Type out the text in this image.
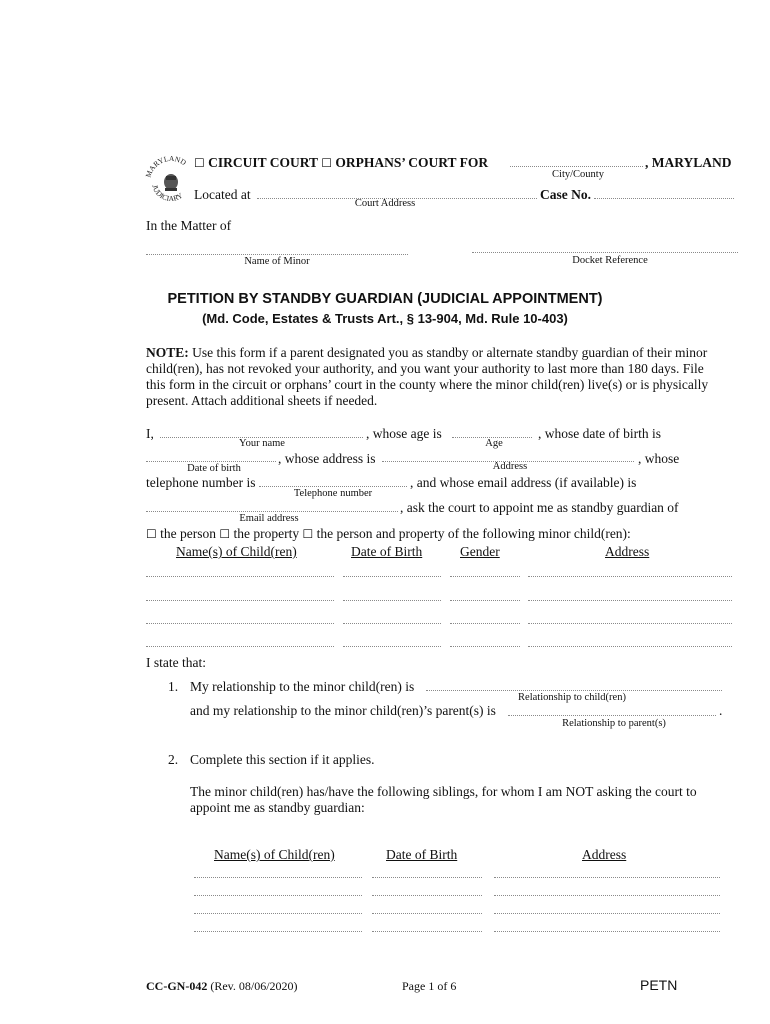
MARYLAND
JUDICIARY
☐ CIRCUIT COURT ☐ ORPHANS’ COURT FOR	, MARYLAND
City/County
Located at
Court Address
Case No.
In the Matter of
Name of Minor	Docket Reference
PETITION BY STANDBY GUARDIAN (JUDICIAL APPOINTMENT)
(Md. Code, Estates & Trusts Art., § 13-904, Md. Rule 10-403)
NOTE: Use this form if a parent designated you as standby or alternate standby guardian of their minor child(ren), has not revoked your authority, and you want your authority to last more than 180 days. File this form in the circuit or orphans’ court in the county where the minor child(ren) live(s) or is physically present. Attach additional sheets if needed.
I,
Your name
, whose age is
Age
, whose date of birth is
Date of birth
, whose address is
Address
, whose
telephone number is
Telephone number
, and whose email address (if available) is
Email address
, ask the court to appoint me as standby guardian of
☐ the person ☐ the property ☐ the person and property of the following minor child(ren):
Name(s) of Child(ren)	Date of Birth	Gender	Address
I state that:
1. My relationship to the minor child(ren) is
Relationship to child(ren)
and my relationship to the minor child(ren)’s parent(s) is	.
Relationship to parent(s)
2. Complete this section if it applies.
The minor child(ren) has/have the following siblings, for whom I am NOT asking the court to appoint me as standby guardian:
Name(s) of Child(ren)	Date of Birth	Address
CC-GN-042 (Rev. 08/06/2020)	Page 1 of 6	PETN
